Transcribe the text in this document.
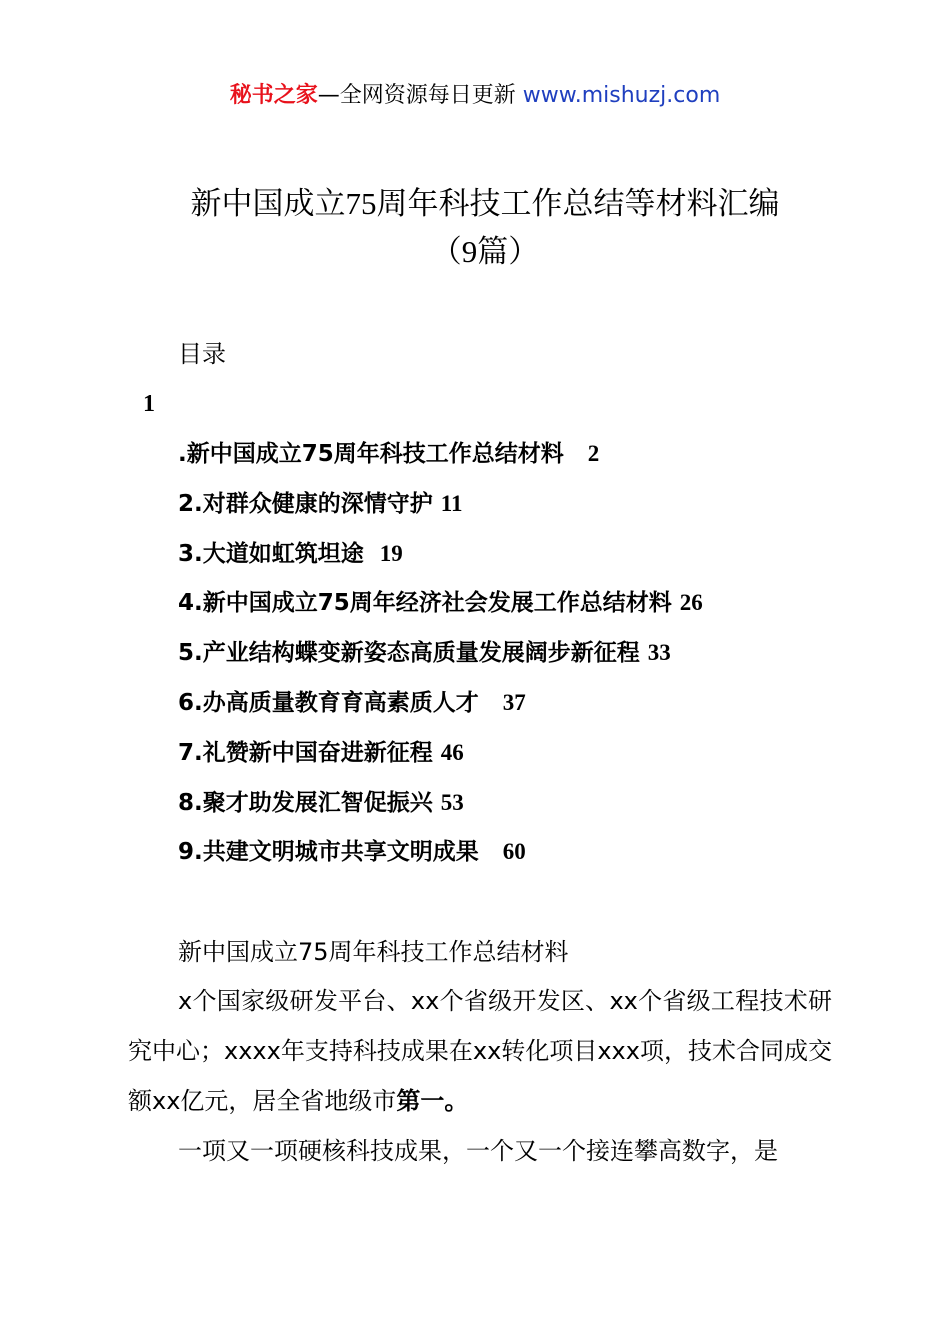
秘书之家—全网资源每日更新 www.mishuzj.com
新中国成立75周年科技工作总结等材料汇编
（9篇）
目录
1
.新中国成立75周年科技工作总结材料 2
2.对群众健康的深情守护 11
3.大道如虹筑坦途 19
4.新中国成立75周年经济社会发展工作总结材料 26
5.产业结构蝶变新姿态高质量发展阔步新征程 33
6.办高质量教育育高素质人才 37
7.礼赞新中国奋进新征程 46
8.聚才助发展汇智促振兴 53
9.共建文明城市共享文明成果 60
新中国成立75周年科技工作总结材料

x个国家级研发平台、xx个省级开发区、xx个省级工程技术研究中心；xxxx年支持科技成果在xx转化项目xxx项，技术合同成交额xx亿元，居全省地级市第一。

一项又一项硬核科技成果，一个又一个接连攀高数字，是
